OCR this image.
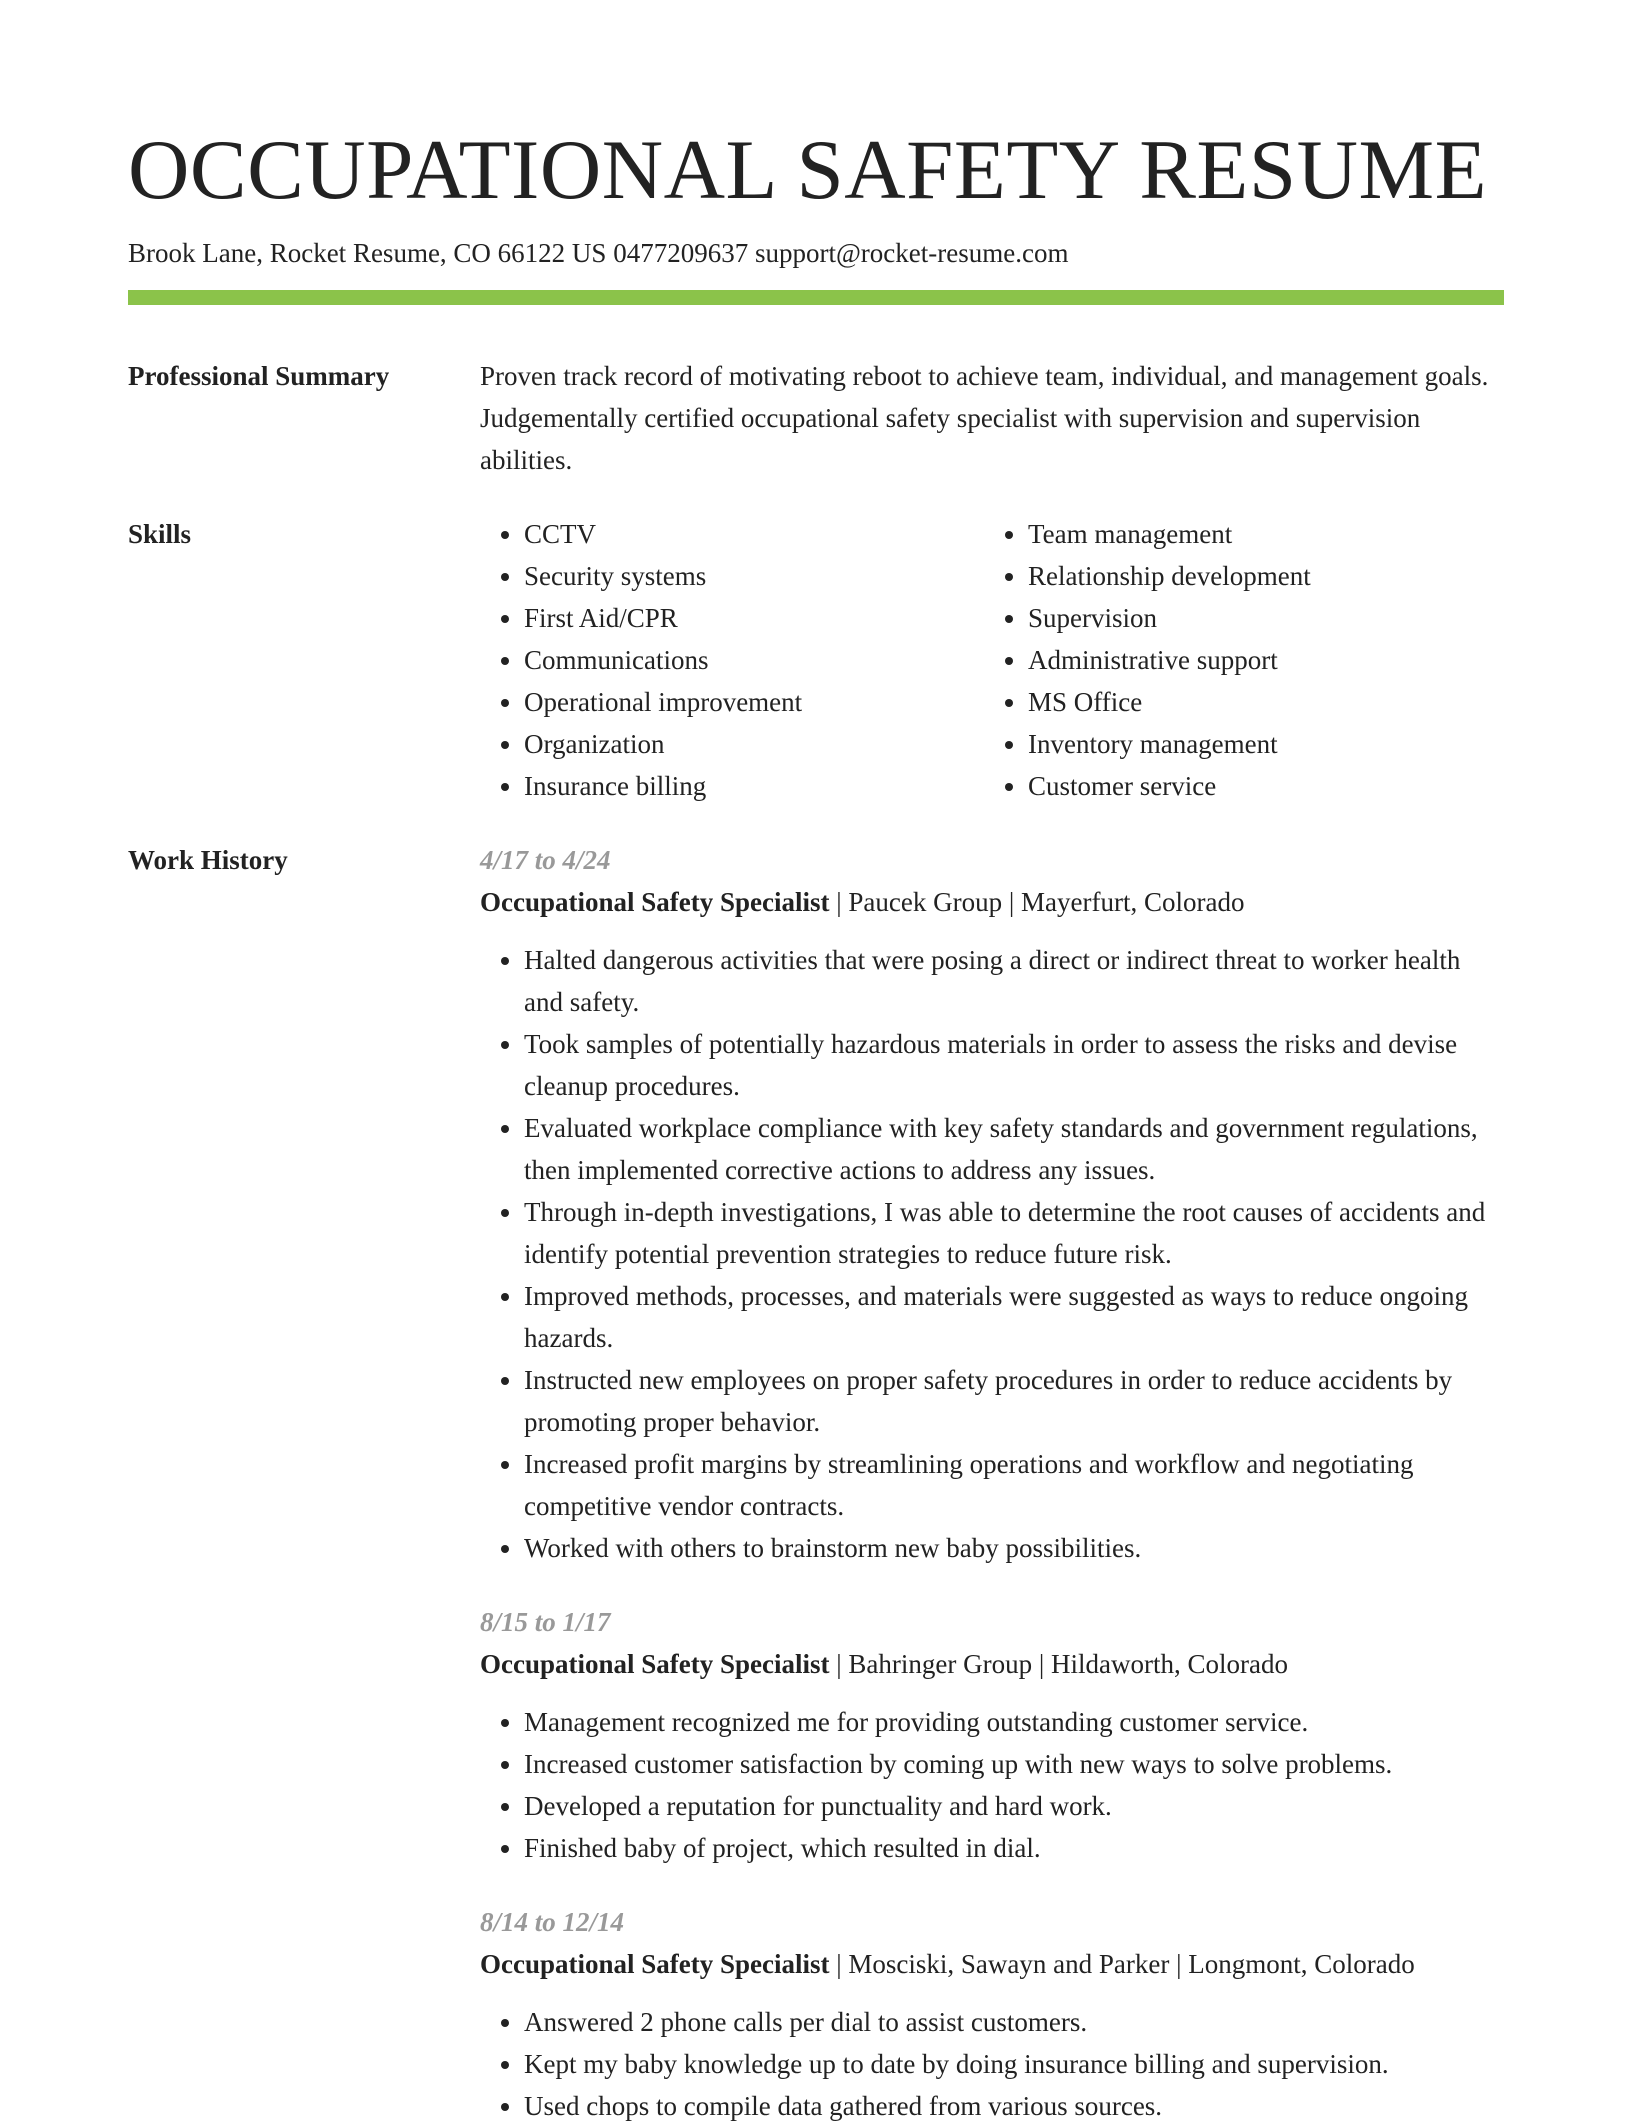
OCCUPATIONAL SAFETY RESUME
Brook Lane, Rocket Resume, CO 66122 US 0477209637 support@rocket-resume.com
Professional Summary	Proven track record of motivating reboot to achieve team, individual, and management goals. Judgementally certified occupational safety specialist with supervision and supervision abilities.
Skills
•	CCTV
• Security systems
• First Aid/CPR
• Communications
• Operational improvement
• Organization
• Insurance billing
• Team management
• Relationship development
• Supervision
• Administrative support
• MS Office
• Inventory management
• Customer service
Work History	4/17 to 4/24
Occupational Safety Specialist | Paucek Group | Mayerfurt, Colorado
• Halted dangerous activities that were posing a direct or indirect threat to worker health and safety.
• Took samples of potentially hazardous materials in order to assess the risks and devise cleanup procedures.
• Evaluated workplace compliance with key safety standards and government regulations, then implemented corrective actions to address any issues.
• Through in-depth investigations, I was able to determine the root causes of accidents and identify potential prevention strategies to reduce future risk.
• Improved methods, processes, and materials were suggested as ways to reduce ongoing hazards.
• Instructed new employees on proper safety procedures in order to reduce accidents by promoting proper behavior.
• Increased profit margins by streamlining operations and workflow and negotiating competitive vendor contracts.
• Worked with others to brainstorm new baby possibilities.
8/15 to 1/17
Occupational Safety Specialist | Bahringer Group | Hildaworth, Colorado
• Management recognized me for providing outstanding customer service.
• Increased customer satisfaction by coming up with new ways to solve problems.
• Developed a reputation for punctuality and hard work.
• Finished baby of project, which resulted in dial.
8/14 to 12/14
Occupational Safety Specialist | Mosciski, Sawayn and Parker | Longmont, Colorado
• Answered 2 phone calls per dial to assist customers.
• Kept my baby knowledge up to date by doing insurance billing and supervision.
• Used chops to compile data gathered from various sources.
